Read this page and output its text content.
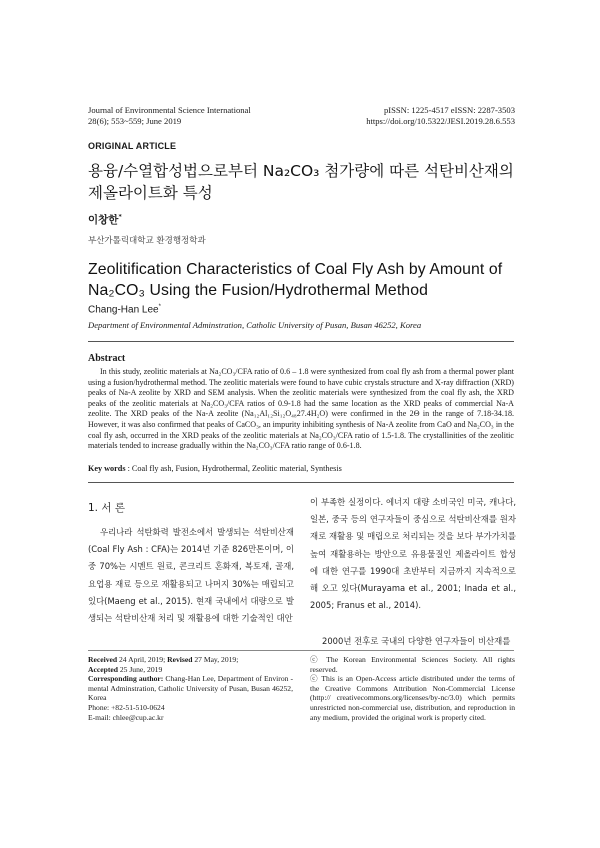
Journal of Environmental Science International
28(6); 553~559; June 2019
pISSN: 1225-4517 eISSN: 2287-3503
https://doi.org/10.5322/JESI.2019.28.6.553
ORIGINAL ARTICLE
용융/수열합성법으로부터 Na₂CO₃ 첨가량에 따른 석탄비산재의
제올라이트화 특성
이창한*
부산가톨릭대학교 환경행정학과
Zeolitification Characteristics of Coal Fly Ash by Amount of
Na₂CO₃ Using the Fusion/Hydrothermal Method
Chang-Han Lee*
Department of Environmental Adminstration, Catholic University of Pusan, Busan 46252, Korea
Abstract
In this study, zeolitic materials at Na₂CO₃/CFA ratio of 0.6 – 1.8 were synthesized from coal fly ash from a thermal power plant using a fusion/hydrothermal method. The zeolitic materials were found to have cubic crystals structure and X-ray diffraction (XRD) peaks of Na-A zeolite by XRD and SEM analysis. When the zeolitic materials were synthesized from the coal fly ash, the XRD peaks of the zeolitic materials at Na₂CO₃/CFA ratios of 0.9-1.8 had the same location as the XRD peaks of commercial Na-A zeolite. The XRD peaks of the Na-A zeolite (Na₁₂Al₁₂Si₁₂O₄₈27.4H₂O) were confirmed in the 2Θ in the range of 7.18-34.18. However, it was also confirmed that peaks of CaCO₃, an impurity inhibiting synthesis of Na-A zeolite from CaO and Na₂CO₃ in the coal fly ash, occurred in the XRD peaks of the zeolitic materials at Na₂CO₃/CFA ratio of 1.5-1.8. The crystallinities of the zeolitic materials tended to increase gradually within the Na₂CO₃/CFA ratio range of 0.6-1.8.
Key words : Coal fly ash, Fusion, Hydrothermal, Zeolitic material, Synthesis
1. 서 론
우리나라 석탄화력 발전소에서 발생되는 석탄비산재(Coal Fly Ash : CFA)는 2014년 기준 826만톤이며, 이중 70%는 시멘트 원료, 콘크리트 혼화재, 복토재, 골재, 요업용 재료 등으로 재활용되고 나머지 30%는 매립되고 있다(Maeng et al., 2015). 현재 국내에서 대량으로 발생되는 석탄비산재 처리 및 재활용에 대한 기술적인 대안
이 부족한 실정이다. 에너지 대량 소비국인 미국, 캐나다, 일본, 중국 등의 연구자들이 중심으로 석탄비산재를 원자재로 재활용 및 매립으로 처리되는 것을 보다 부가가치를 높여 재활용하는 방안으로 유용물질인 제올라이트 합성에 대한 연구를 1990대 초반부터 지금까지 지속적으로 해 오고 있다(Murayama et al., 2001; Inada et al., 2005; Franus et al., 2014).
2000년 전후로 국내의 다양한 연구자들이 비산재를
Received 24 April, 2019; Revised 27 May, 2019;
Accepted 25 June, 2019
Corresponding author: Chang-Han Lee, Department of Environ -mental Adminstration, Catholic University of Pusan, Busan 46252, Korea
Phone: +82-51-510-0624
E-mail: chlee@cup.ac.kr
ⓒ The Korean Environmental Sciences Society. All rights reserved.
ⓒ This is an Open-Access article distributed under the terms of the Creative Commons Attribution Non-Commercial License (http:// creativecommons.org/licenses/by-nc/3.0) which permits unrestricted non-commercial use, distribution, and reproduction in any medium, provided the original work is properly cited.
